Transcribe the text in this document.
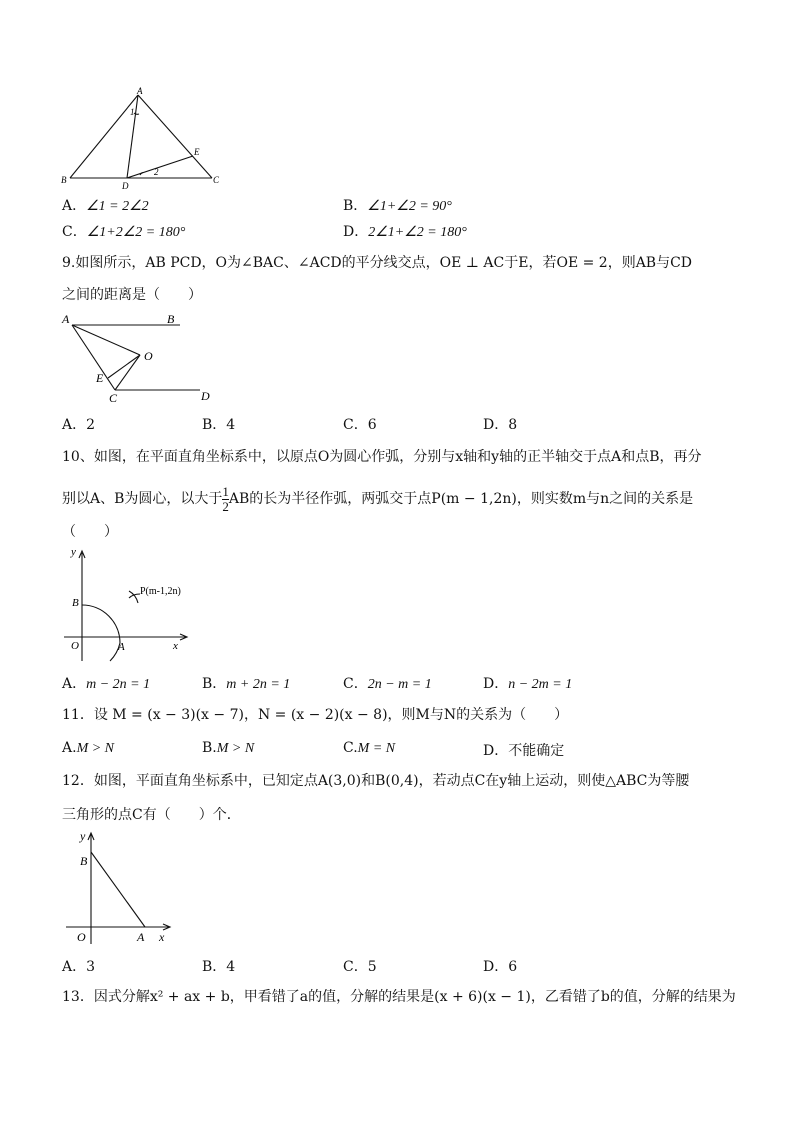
A
B	C
D
E
1
2
A．∠1 = 2∠2	B．∠1+∠2 = 90°
C．∠1+2∠2 = 180°	D．2∠1+∠2 = 180°
9.如图所示，AB PCD，O为∠BAC、∠ACD的平分线交点，OE ⊥ AC于E，若OE = 2，则AB与CD
之间的距离是（　　）
A	B
O
E
C	D
A．2	B．4	C．6	D．8
10、如图，在平面直角坐标系中，以原点O为圆心作弧，分别与x轴和y轴的正半轴交于点A和点B，再分
别以A、B为圆心，以大于 $\frac{1}{2}$ AB的长为半径作弧，两弧交于点P(m − 1,2n)，则实数m与n之间的关系是
（　　）
y
B
P(m-1,2n)
O	A	x
A．m − 2n = 1	B．m + 2n = 1	C．2n − m = 1	D．n − 2m = 1
11．设 M = (x − 3)(x − 7)，N = (x − 2)(x − 8)，则M与N的关系为（　　）
A.M > N	B.M > N	C.M = N	D．不能确定
12．如图，平面直角坐标系中，已知定点A(3,0)和B(0,4)，若动点C在y轴上运动，则使△ABC为等腰
三角形的点C有（　　）个．
y
B
O	A x
A．3	B．4	C．5	D．6
13．因式分解x² + ax + b，甲看错了a的值，分解的结果是(x + 6)(x − 1)，乙看错了b的值，分解的结果为
